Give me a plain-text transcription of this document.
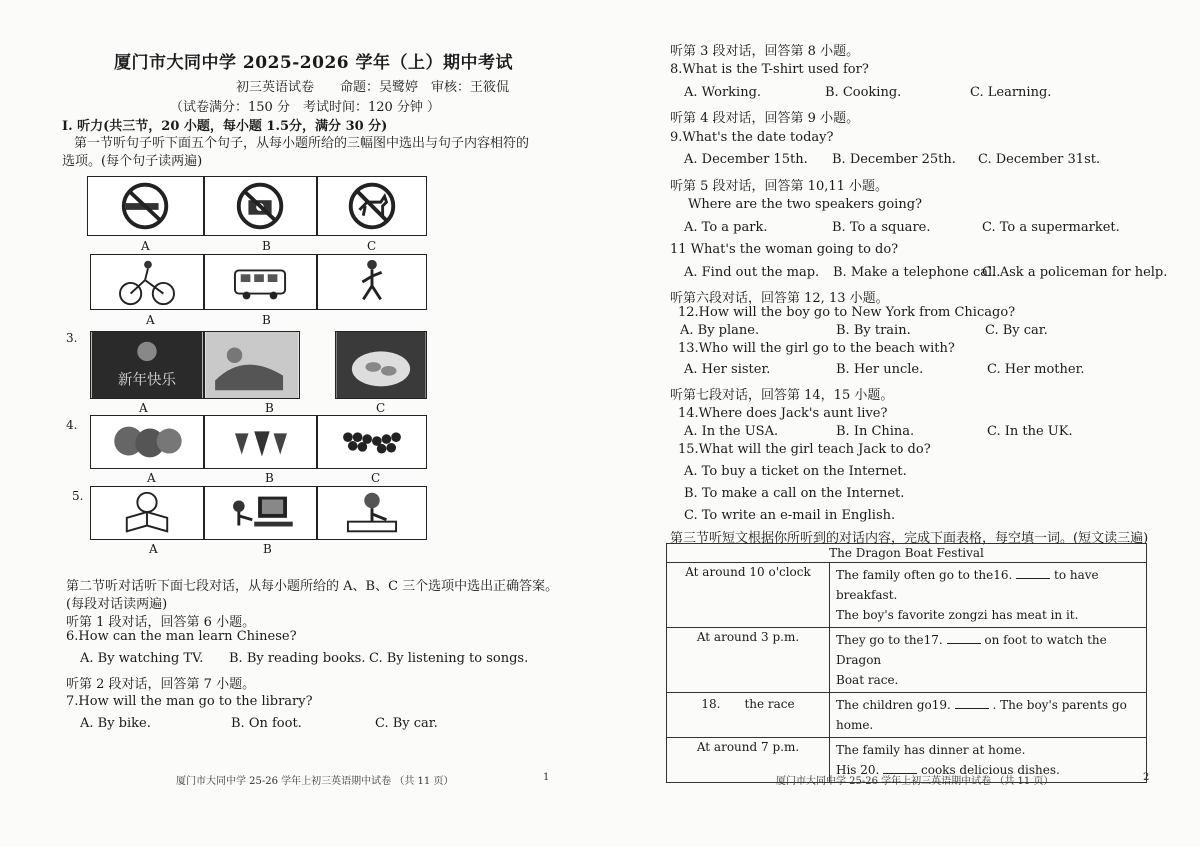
厦门市大同中学 2025-2026 学年（上）期中考试
初三英语试卷　　命题：吴鹭婷　审核：王筱侃
（试卷满分：150 分　考试时间：120 分钟 ）
I. 听力(共三节，20 小题，每小题 1.5分，满分 30 分)
第一节听句子听下面五个句子，从每小题所给的三幅图中选出与句子内容相符的
选项。(每个句子读两遍)
A	B	C
A	B
3.
新年快乐
A	B	C
4.
A	B	C
5.
A	B
第二节听对话听下面七段对话，从每小题所给的 A、B、C 三个选项中选出正确答案。
(每段对话读两遍)
听第 1 段对话，回答第 6 小题。
6.How can the man learn Chinese?
A. By watching TV. B. By reading books. C. By listening to songs.
听第 2 段对话，回答第 7 小题。
7.How will the man go to the library?
A. By bike.	B. On foot.	C. By car.
厦门市大同中学 25-26 学年上初三英语期中试卷 （共 11 页）	1
听第 3 段对话，回答第 8 小题。
8.What is the T-shirt used for?
A. Working.	B. Cooking.	C. Learning.
听第 4 段对话，回答第 9 小题。
9.What's the date today?
A. December 15th. B. December 25th. C. December 31st.
听第 5 段对话，回答第 10,11 小题。
Where are the two speakers going?
A. To a park.	B. To a square.	C. To a supermarket.
11 What's the woman going to do?
A. Find out the map. B. Make a telephone call.
C. Ask a policeman for help.
听第六段对话，回答第 12, 13 小题。
12.How will the boy go to New York from Chicago?
A. By plane.	B. By train.	C. By car.
13.Who will the girl go to the beach with?
A. Her sister.	B. Her uncle.	C. Her mother.
听第七段对话，回答第 14，15 小题。
14.Where does Jack's aunt live?
A. In the USA.	B. In China.	C. In the UK.
15.What will the girl teach Jack to do?
A. To buy a ticket on the Internet.
B. To make a call on the Internet.
C. To write an e-mail in English.
第三节听短文根据你所听到的对话内容，完成下面表格，每空填一词。(短文读三遍)
The Dragon Boat Festival	
At around 10 o'clock	The family often go to the16. to have breakfast.
The boy's favorite zongzi has meat in it.

At around 3 p.m.	They go to the17. on foot to watch the Dragon
Boat race.

18.　　the race	The children go19. . The boy's parents go home.

At around 7 p.m.	The family has dinner at home.
His 20. cooks delicious dishes.
厦门市大同中学 25-26 学年上初三英语期中试卷 （共 11 页）	2
